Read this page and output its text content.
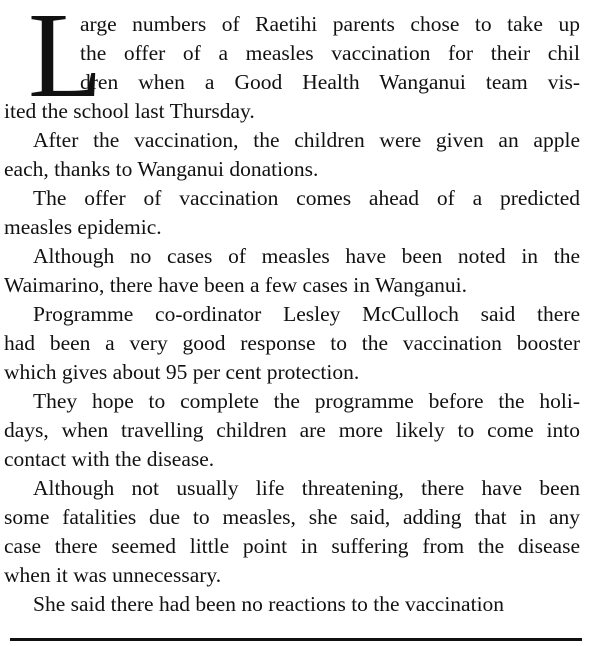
L
arge numbers of Raetihi parents chose to take up
the offer of a measles vaccination for their chil
dren when a Good Health Wanganui team vis-
ited the school last Thursday.
After the vaccination, the children were given an apple
each, thanks to Wanganui donations.
The offer of vaccination comes ahead of a predicted
measles epidemic.
Although no cases of measles have been noted in the
Waimarino, there have been a few cases in Wanganui.
Programme co-ordinator Lesley McCulloch said there
had been a very good response to the vaccination booster
which gives about 95 per cent protection.
They hope to complete the programme before the holi-
days, when travelling children are more likely to come into
contact with the disease.
Although not usually life threatening, there have been
some fatalities due to measles, she said, adding that in any
case there seemed little point in suffering from the disease
when it was unnecessary.
She said there had been no reactions to the vaccination
